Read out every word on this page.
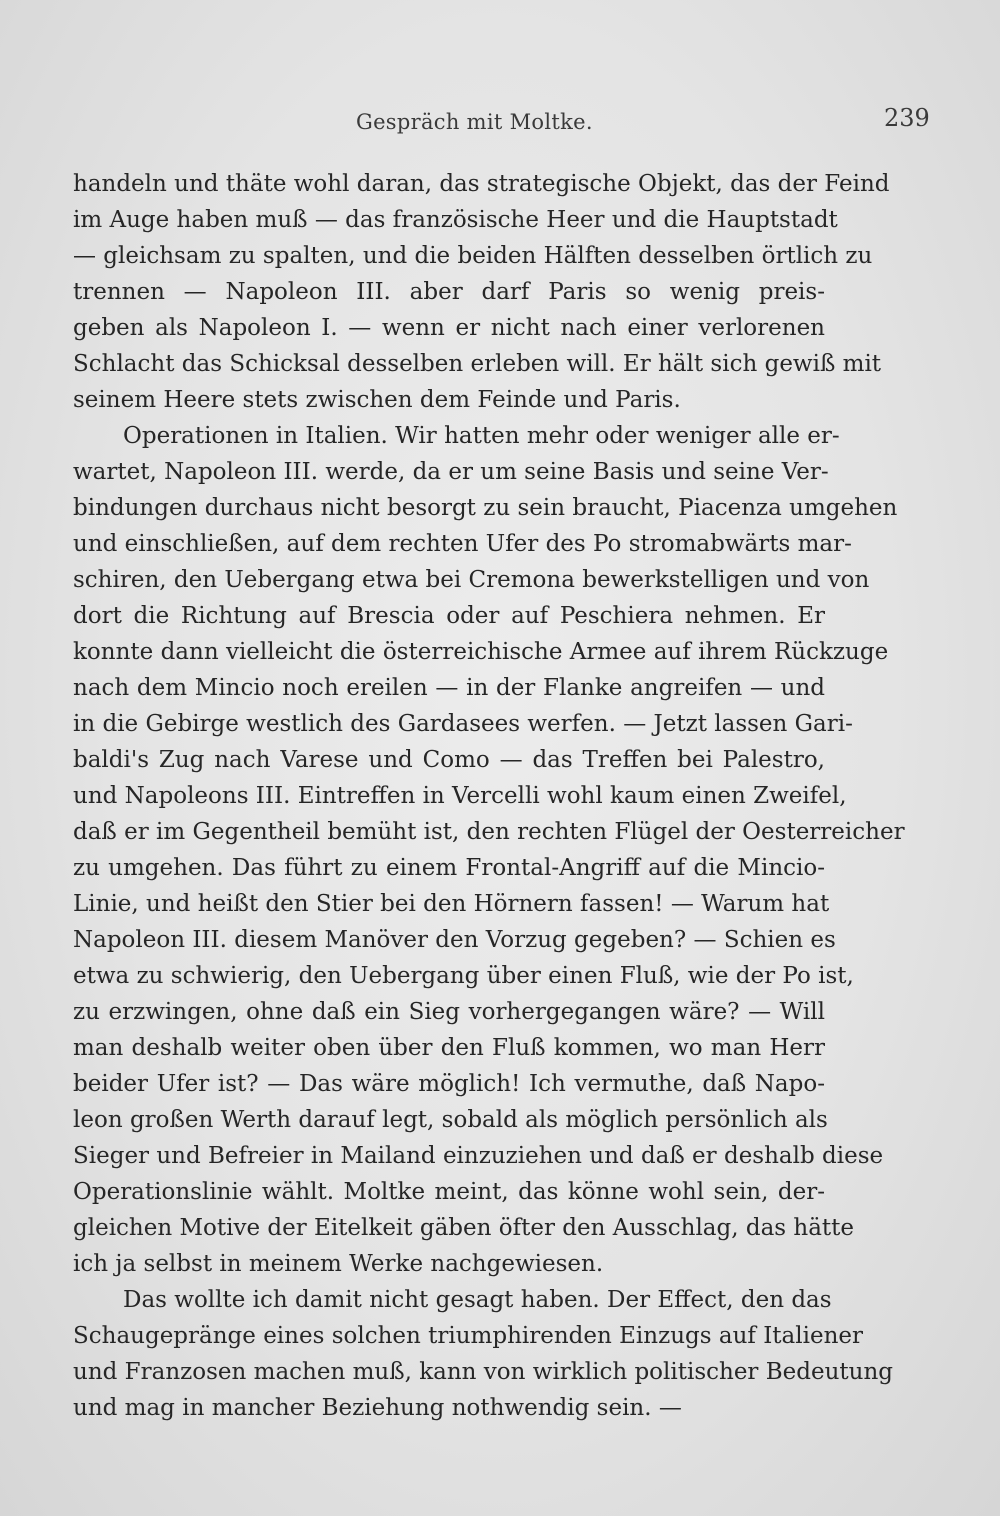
Gespräch mit Moltke.	239
handeln und thäte wohl daran, das strategische Objekt, das der Feind
im Auge haben muß — das französische Heer und die Hauptstadt
— gleichsam zu spalten, und die beiden Hälften desselben örtlich zu
trennen — Napoleon III. aber darf Paris so wenig preis-
geben als Napoleon I. — wenn er nicht nach einer verlorenen
Schlacht das Schicksal desselben erleben will. Er hält sich gewiß mit
seinem Heere stets zwischen dem Feinde und Paris.
Operationen in Italien. Wir hatten mehr oder weniger alle er-
wartet, Napoleon III. werde, da er um seine Basis und seine Ver-
bindungen durchaus nicht besorgt zu sein braucht, Piacenza umgehen
und einschließen, auf dem rechten Ufer des Po stromabwärts mar-
schiren, den Uebergang etwa bei Cremona bewerkstelligen und von
dort die Richtung auf Brescia oder auf Peschiera nehmen. Er
konnte dann vielleicht die österreichische Armee auf ihrem Rückzuge
nach dem Mincio noch ereilen — in der Flanke angreifen — und
in die Gebirge westlich des Gardasees werfen. — Jetzt lassen Gari-
baldi's Zug nach Varese und Como — das Treffen bei Palestro,
und Napoleons III. Eintreffen in Vercelli wohl kaum einen Zweifel,
daß er im Gegentheil bemüht ist, den rechten Flügel der Oesterreicher
zu umgehen. Das führt zu einem Frontal-Angriff auf die Mincio-
Linie, und heißt den Stier bei den Hörnern fassen! — Warum hat
Napoleon III. diesem Manöver den Vorzug gegeben? — Schien es
etwa zu schwierig, den Uebergang über einen Fluß, wie der Po ist,
zu erzwingen, ohne daß ein Sieg vorhergegangen wäre? — Will
man deshalb weiter oben über den Fluß kommen, wo man Herr
beider Ufer ist? — Das wäre möglich! Ich vermuthe, daß Napo-
leon großen Werth darauf legt, sobald als möglich persönlich als
Sieger und Befreier in Mailand einzuziehen und daß er deshalb diese
Operationslinie wählt. Moltke meint, das könne wohl sein, der-
gleichen Motive der Eitelkeit gäben öfter den Ausschlag, das hätte
ich ja selbst in meinem Werke nachgewiesen.
Das wollte ich damit nicht gesagt haben. Der Effect, den das
Schaugepränge eines solchen triumphirenden Einzugs auf Italiener
und Franzosen machen muß, kann von wirklich politischer Bedeutung
und mag in mancher Beziehung nothwendig sein. —
